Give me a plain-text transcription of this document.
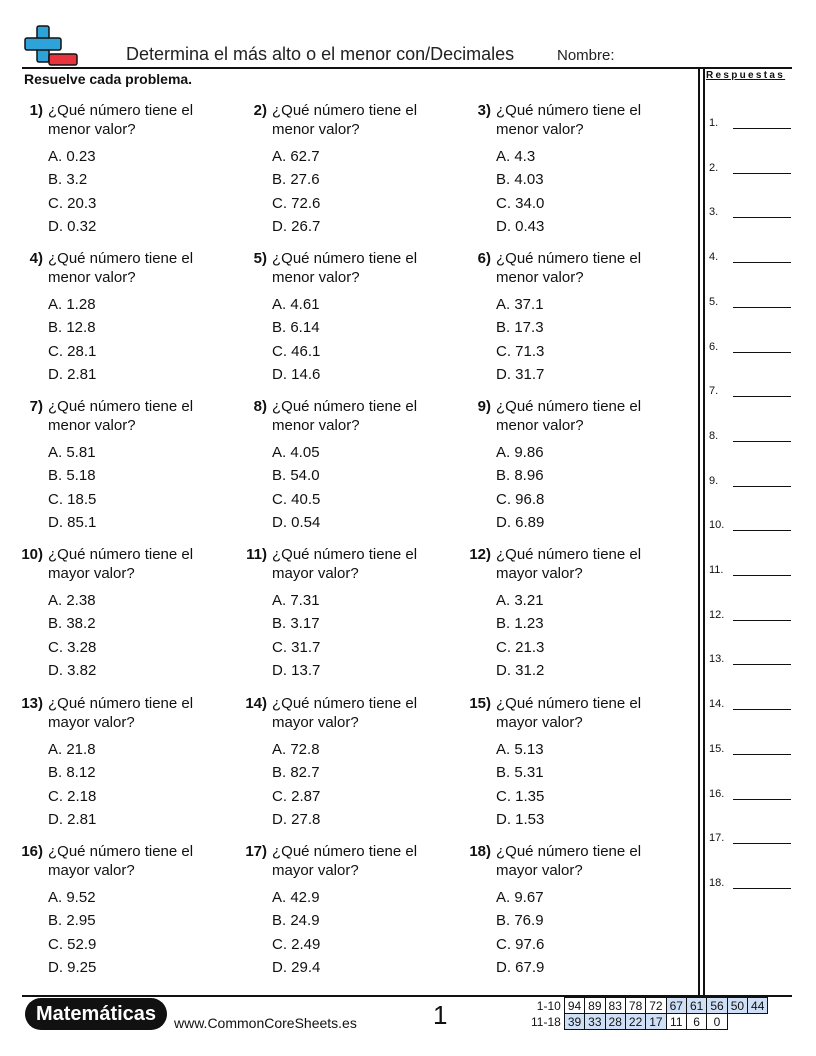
Determina el más alto o el menor con/Decimales	Nombre:
Resuelve cada problema.	Respuestas
1.
2.
3.
4.
5.
6.
7.
8.
9.
10.
11.
12.
13.
14.
15.
16.
17.
18.
1) ¿Qué número tiene el menor valor?
A. 0.23
B. 3.2
C. 20.3
D. 0.32
2) ¿Qué número tiene el menor valor?
A. 62.7
B. 27.6
C. 72.6
D. 26.7
3) ¿Qué número tiene el menor valor?
A. 4.3
B. 4.03
C. 34.0
D. 0.43
4) ¿Qué número tiene el menor valor?
A. 1.28
B. 12.8
C. 28.1
D. 2.81
5) ¿Qué número tiene el menor valor?
A. 4.61
B. 6.14
C. 46.1
D. 14.6
6) ¿Qué número tiene el menor valor?
A. 37.1
B. 17.3
C. 71.3
D. 31.7
7) ¿Qué número tiene el menor valor?
A. 5.81
B. 5.18
C. 18.5
D. 85.1
8) ¿Qué número tiene el menor valor?
A. 4.05
B. 54.0
C. 40.5
D. 0.54
9) ¿Qué número tiene el menor valor?
A. 9.86
B. 8.96
C. 96.8
D. 6.89
10) ¿Qué número tiene el mayor valor?
A. 2.38
B. 38.2
C. 3.28
D. 3.82
11) ¿Qué número tiene el mayor valor?
A. 7.31
B. 3.17
C. 31.7
D. 13.7
12) ¿Qué número tiene el mayor valor?
A. 3.21
B. 1.23
C. 21.3
D. 31.2
13) ¿Qué número tiene el mayor valor?
A. 21.8
B. 8.12
C. 2.18
D. 2.81
14) ¿Qué número tiene el mayor valor?
A. 72.8
B. 82.7
C. 2.87
D. 27.8
15) ¿Qué número tiene el mayor valor?
A. 5.13
B. 5.31
C. 1.35
D. 1.53
16) ¿Qué número tiene el mayor valor?
A. 9.52
B. 2.95
C. 52.9
D. 9.25
17) ¿Qué número tiene el mayor valor?
A. 42.9
B. 24.9
C. 2.49
D. 29.4
18) ¿Qué número tiene el mayor valor?
A. 9.67
B. 76.9
C. 97.6
D. 67.9
Matemáticas	www.CommonCoreSheets.es	1	1-10	94	89	83	78	72	67	61	56	50	44
11-18	39	33	28	22	17	11	6	0		
